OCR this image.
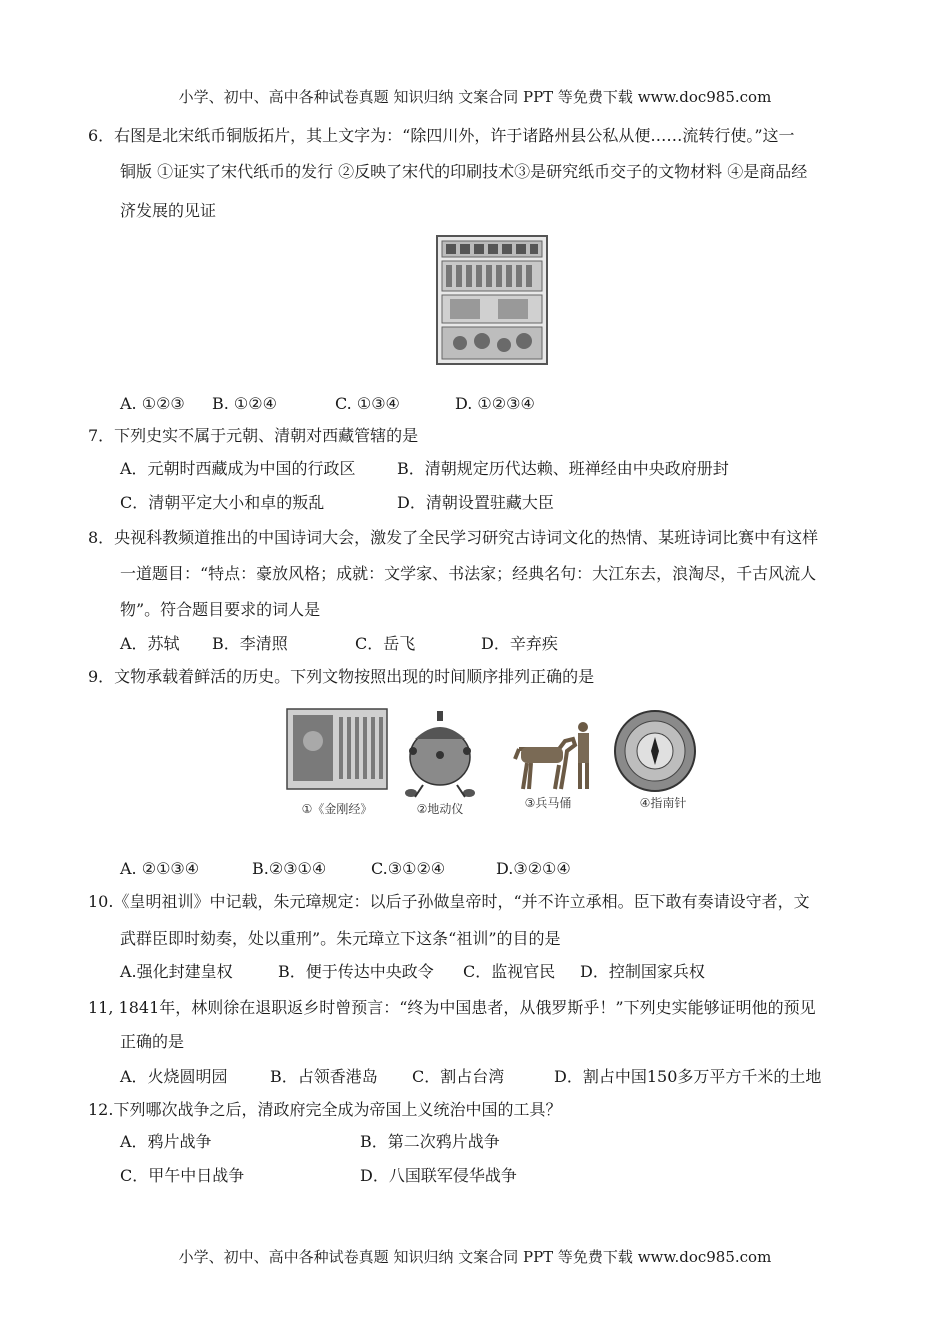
小学、初中、高中各种试卷真题 知识归纳 文案合同 PPT 等免费下载 www.doc985.com
6．右图是北宋纸币铜版拓片，其上文字为：“除四川外，许于诸路州县公私从便……流转行使。”这一
铜版 ①证实了宋代纸币的发行 ②反映了宋代的印刷技术③是研究纸币交子的文物材料 ④是商品经
济发展的见证
A. ①②③ B. ①②④	C. ①③④	D. ①②③④
7．下列史实不属于元朝、清朝对西藏管辖的是
A．元朝时西藏成为中国的行政区	B．清朝规定历代达赖、班禅经由中央政府册封
C．清朝平定大小和卓的叛乱	D．清朝设置驻藏大臣
8．央视科教频道推出的中国诗词大会，激发了全民学习研究古诗词文化的热情、某班诗词比赛中有这样
一道题目：“特点：豪放风格；成就：文学家、书法家；经典名句：大江东去，浪淘尽，千古风流人
物”。符合题目要求的词人是
A．苏轼 B．李清照	C．岳飞	D．辛弃疾
9．文物承载着鲜活的历史。下列文物按照出现的时间顺序排列正确的是
①《金刚经》	②地动仪	③兵马俑	④指南针
A. ②①③④	B.②③①④	C.③①②④	D.③②①④
10.《皇明祖训》中记载，朱元璋规定：以后子孙做皇帝时，“并不许立承相。臣下敢有奏请设守者，文
武群臣即时劾奏，处以重刑”。朱元璋立下这条“祖训”的目的是
A.强化封建皇权	B．便于传达中央政令 C．监视官民 D．控制国家兵权
11, 1841年，林则徐在退职返乡时曾预言：“终为中国患者，从俄罗斯乎！”下列史实能够证明他的预见
正确的是
A．火烧圆明园	B．占领香港岛 C．割占台湾	D．割占中国150多万平方千米的土地
12.下列哪次战争之后，清政府完全成为帝国上义统治中国的工具？
A．鸦片战争	B．第二次鸦片战争
C．甲午中日战争	D．八国联军侵华战争
小学、初中、高中各种试卷真题 知识归纳 文案合同 PPT 等免费下载 www.doc985.com
